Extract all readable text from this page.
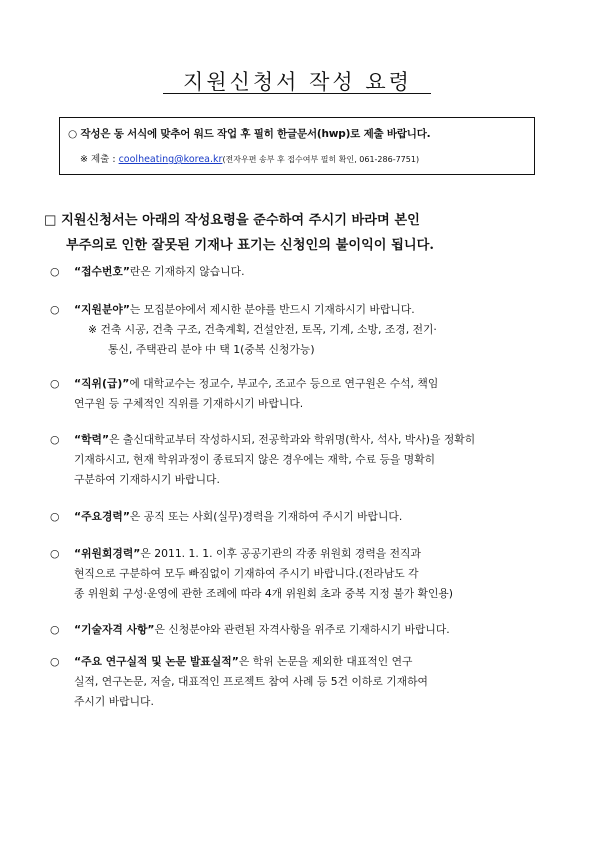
지원신청서 작성 요령
○ 작성은 동 서식에 맞추어 워드 작업 후 필히 한글문서(hwp)로 제출 바랍니다.
※ 제출 : coolheating@korea.kr(전자우편 송부 후 접수여부 필히 확인, 061-286-7751)
□ 지원신청서는 아래의 작성요령을 준수하여 주시기 바라며 본인
부주의로 인한 잘못된 기재나 표기는 신청인의 불이익이 됩니다.
○ “접수번호”란은 기재하지 않습니다.
○ “지원분야”는 모집분야에서 제시한 분야를 반드시 기재하시기 바랍니다.
※ 건축 시공, 건축 구조, 건축계획, 건설안전, 토목, 기계, 소방, 조경, 전기·
통신, 주택관리 분야 中 택 1(중복 신청가능)
○ “직위(급)”에 대학교수는 정교수, 부교수, 조교수 등으로 연구원은 수석, 책임
연구원 등 구체적인 직위를 기재하시기 바랍니다.
○ “학력”은 출신대학교부터 작성하시되, 전공학과와 학위명(학사, 석사, 박사)을 정확히
기재하시고, 현재 학위과정이 종료되지 않은 경우에는 재학, 수료 등을 명확히
구분하여 기재하시기 바랍니다.
○ “주요경력”은 공직 또는 사회(실무)경력을 기재하여 주시기 바랍니다.
○ “위원회경력”은 2011. 1. 1. 이후 공공기관의 각종 위원회 경력을 전직과
현직으로 구분하여 모두 빠짐없이 기재하여 주시기 바랍니다.(전라남도 각
종 위원회 구성·운영에 관한 조례에 따라 4개 위원회 초과 중복 지정 불가 확인용)
○ “기술자격 사항”은 신청분야와 관련된 자격사항을 위주로 기재하시기 바랍니다.
○ “주요 연구실적 및 논문 발표실적”은 학위 논문을 제외한 대표적인 연구
실적, 연구논문, 저술, 대표적인 프로젝트 참여 사례 등 5건 이하로 기재하여
주시기 바랍니다.
